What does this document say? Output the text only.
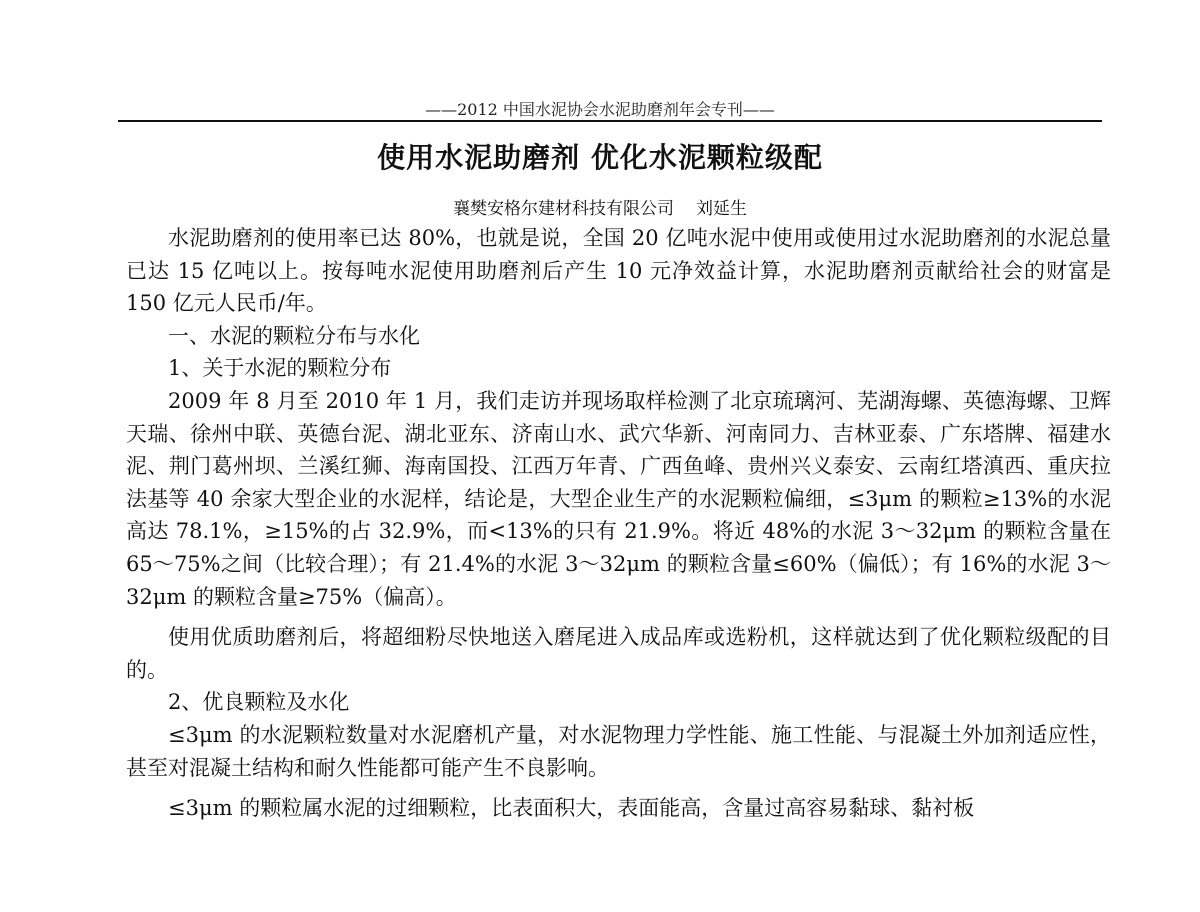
——2012 中国水泥协会水泥助磨剂年会专刊——
使用水泥助磨剂 优化水泥颗粒级配
襄樊安格尔建材科技有限公司 刘延生

水泥助磨剂的使用率已达 80%，也就是说，全国 20 亿吨水泥中使用或使用过水泥助磨剂的水泥总量已达 15 亿吨以上。按每吨水泥使用助磨剂后产生 10 元净效益计算，水泥助磨剂贡献给社会的财富是 150 亿元人民币/年。

一、水泥的颗粒分布与水化

1、关于水泥的颗粒分布

2009 年 8 月至 2010 年 1 月，我们走访并现场取样检测了北京琉璃河、芜湖海螺、英德海螺、卫辉天瑞、徐州中联、英德台泥、湖北亚东、济南山水、武穴华新、河南同力、吉林亚泰、广东塔牌、福建水泥、荆门葛州坝、兰溪红狮、海南国投、江西万年青、广西鱼峰、贵州兴义泰安、云南红塔滇西、重庆拉法基等 40 余家大型企业的水泥样，结论是，大型企业生产的水泥颗粒偏细，≤3μm 的颗粒≥13%的水泥高达 78.1%，≥15%的占 32.9%，而<13%的只有 21.9%。将近 48%的水泥 3～32μm 的颗粒含量在 65～75%之间（比较合理）；有 21.4%的水泥 3～32μm 的颗粒含量≤60%（偏低）；有 16%的水泥 3～32μm 的颗粒含量≥75%（偏高）。

使用优质助磨剂后，将超细粉尽快地送入磨尾进入成品库或选粉机，这样就达到了优化颗粒级配的目的。

2、优良颗粒及水化

≤3μm 的水泥颗粒数量对水泥磨机产量，对水泥物理力学性能、施工性能、与混凝土外加剂适应性，甚至对混凝土结构和耐久性能都可能产生不良影响。

≤3μm 的颗粒属水泥的过细颗粒，比表面积大，表面能高，含量过高容易黏球、黏衬板
